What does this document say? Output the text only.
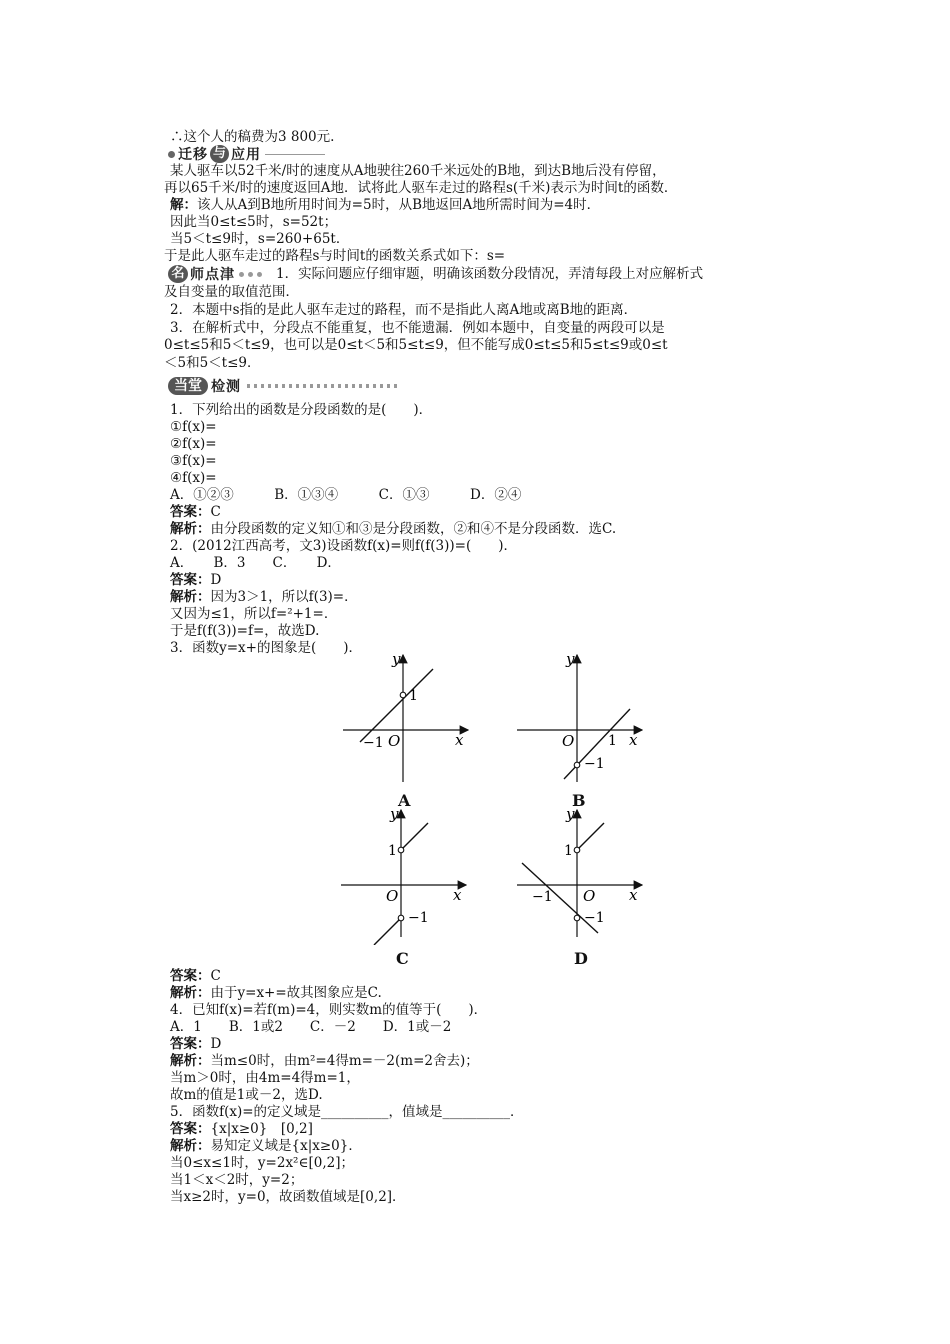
∴这个人的稿费为3 800元.
迁移 与 应用
某人驱车以52千米/时的速度从A地驶往260千米远处的B地，到达B地后没有停留，
再以65千米/时的速度返回A地．试将此人驱车走过的路程s(千米)表示为时间t的函数．
解：该人从A到B地所用时间为=5时，从B地返回A地所需时间为=4时．
因此当0≤t≤5时，s=52t；
当5＜t≤9时，s=260+65t．
于是此人驱车走过的路程s与时间t的函数关系式如下：s=
名 师点津	1．实际问题应仔细审题，明确该函数分段情况，弄清每段上对应解析式
及自变量的取值范围．
2．本题中s指的是此人驱车走过的路程，而不是指此人离A地或离B地的距离．
3．在解析式中，分段点不能重复，也不能遗漏．例如本题中，自变量的两段可以是
0≤t≤5和5＜t≤9，也可以是0≤t＜5和5≤t≤9，但不能写成0≤t≤5和5≤t≤9或0≤t
＜5和5＜t≤9．
当堂 检测
1．下列给出的函数是分段函数的是(　　)．
①f(x)=
②f(x)=
③f(x)=
④f(x)=
A．①②③　　　B．①③④　　　C．①③　　　D．②④
答案：C
解析：由分段函数的定义知①和③是分段函数，②和④不是分段函数．选C.
2．(2012江西高考，文3)设函数f(x)=则f(f(3))=(　　)．
A．　　B．3　　C．　　D．
答案：D
解析：因为3＞1，所以f(3)=．
又因为≤1，所以f=²+1=．
于是f(f(3))=f=，故选D.
3．函数y=x+的图象是(　　)．
x
y
O
1
−1
A
x
y
O 1
−1
B
x
y
O
1
−1
C
x
y
O
1
−1
−1
D
答案：C
解析：由于y=x+=故其图象应是C.
4．已知f(x)=若f(m)=4，则实数m的值等于(　　)．
A．1　　B．1或2　　C．－2　　D．1或－2
答案：D
解析：当m≤0时，由m²=4得m=－2(m=2舍去)；
当m＞0时，由4m=4得m=1，
故m的值是1或－2，选D.
5．函数f(x)=的定义域是__________，值域是__________．
答案：{x|x≥0}　[0,2]
解析：易知定义域是{x|x≥0}．
当0≤x≤1时，y=2x²∈[0,2]；
当1＜x＜2时，y=2；
当x≥2时，y=0，故函数值域是[0,2]．
